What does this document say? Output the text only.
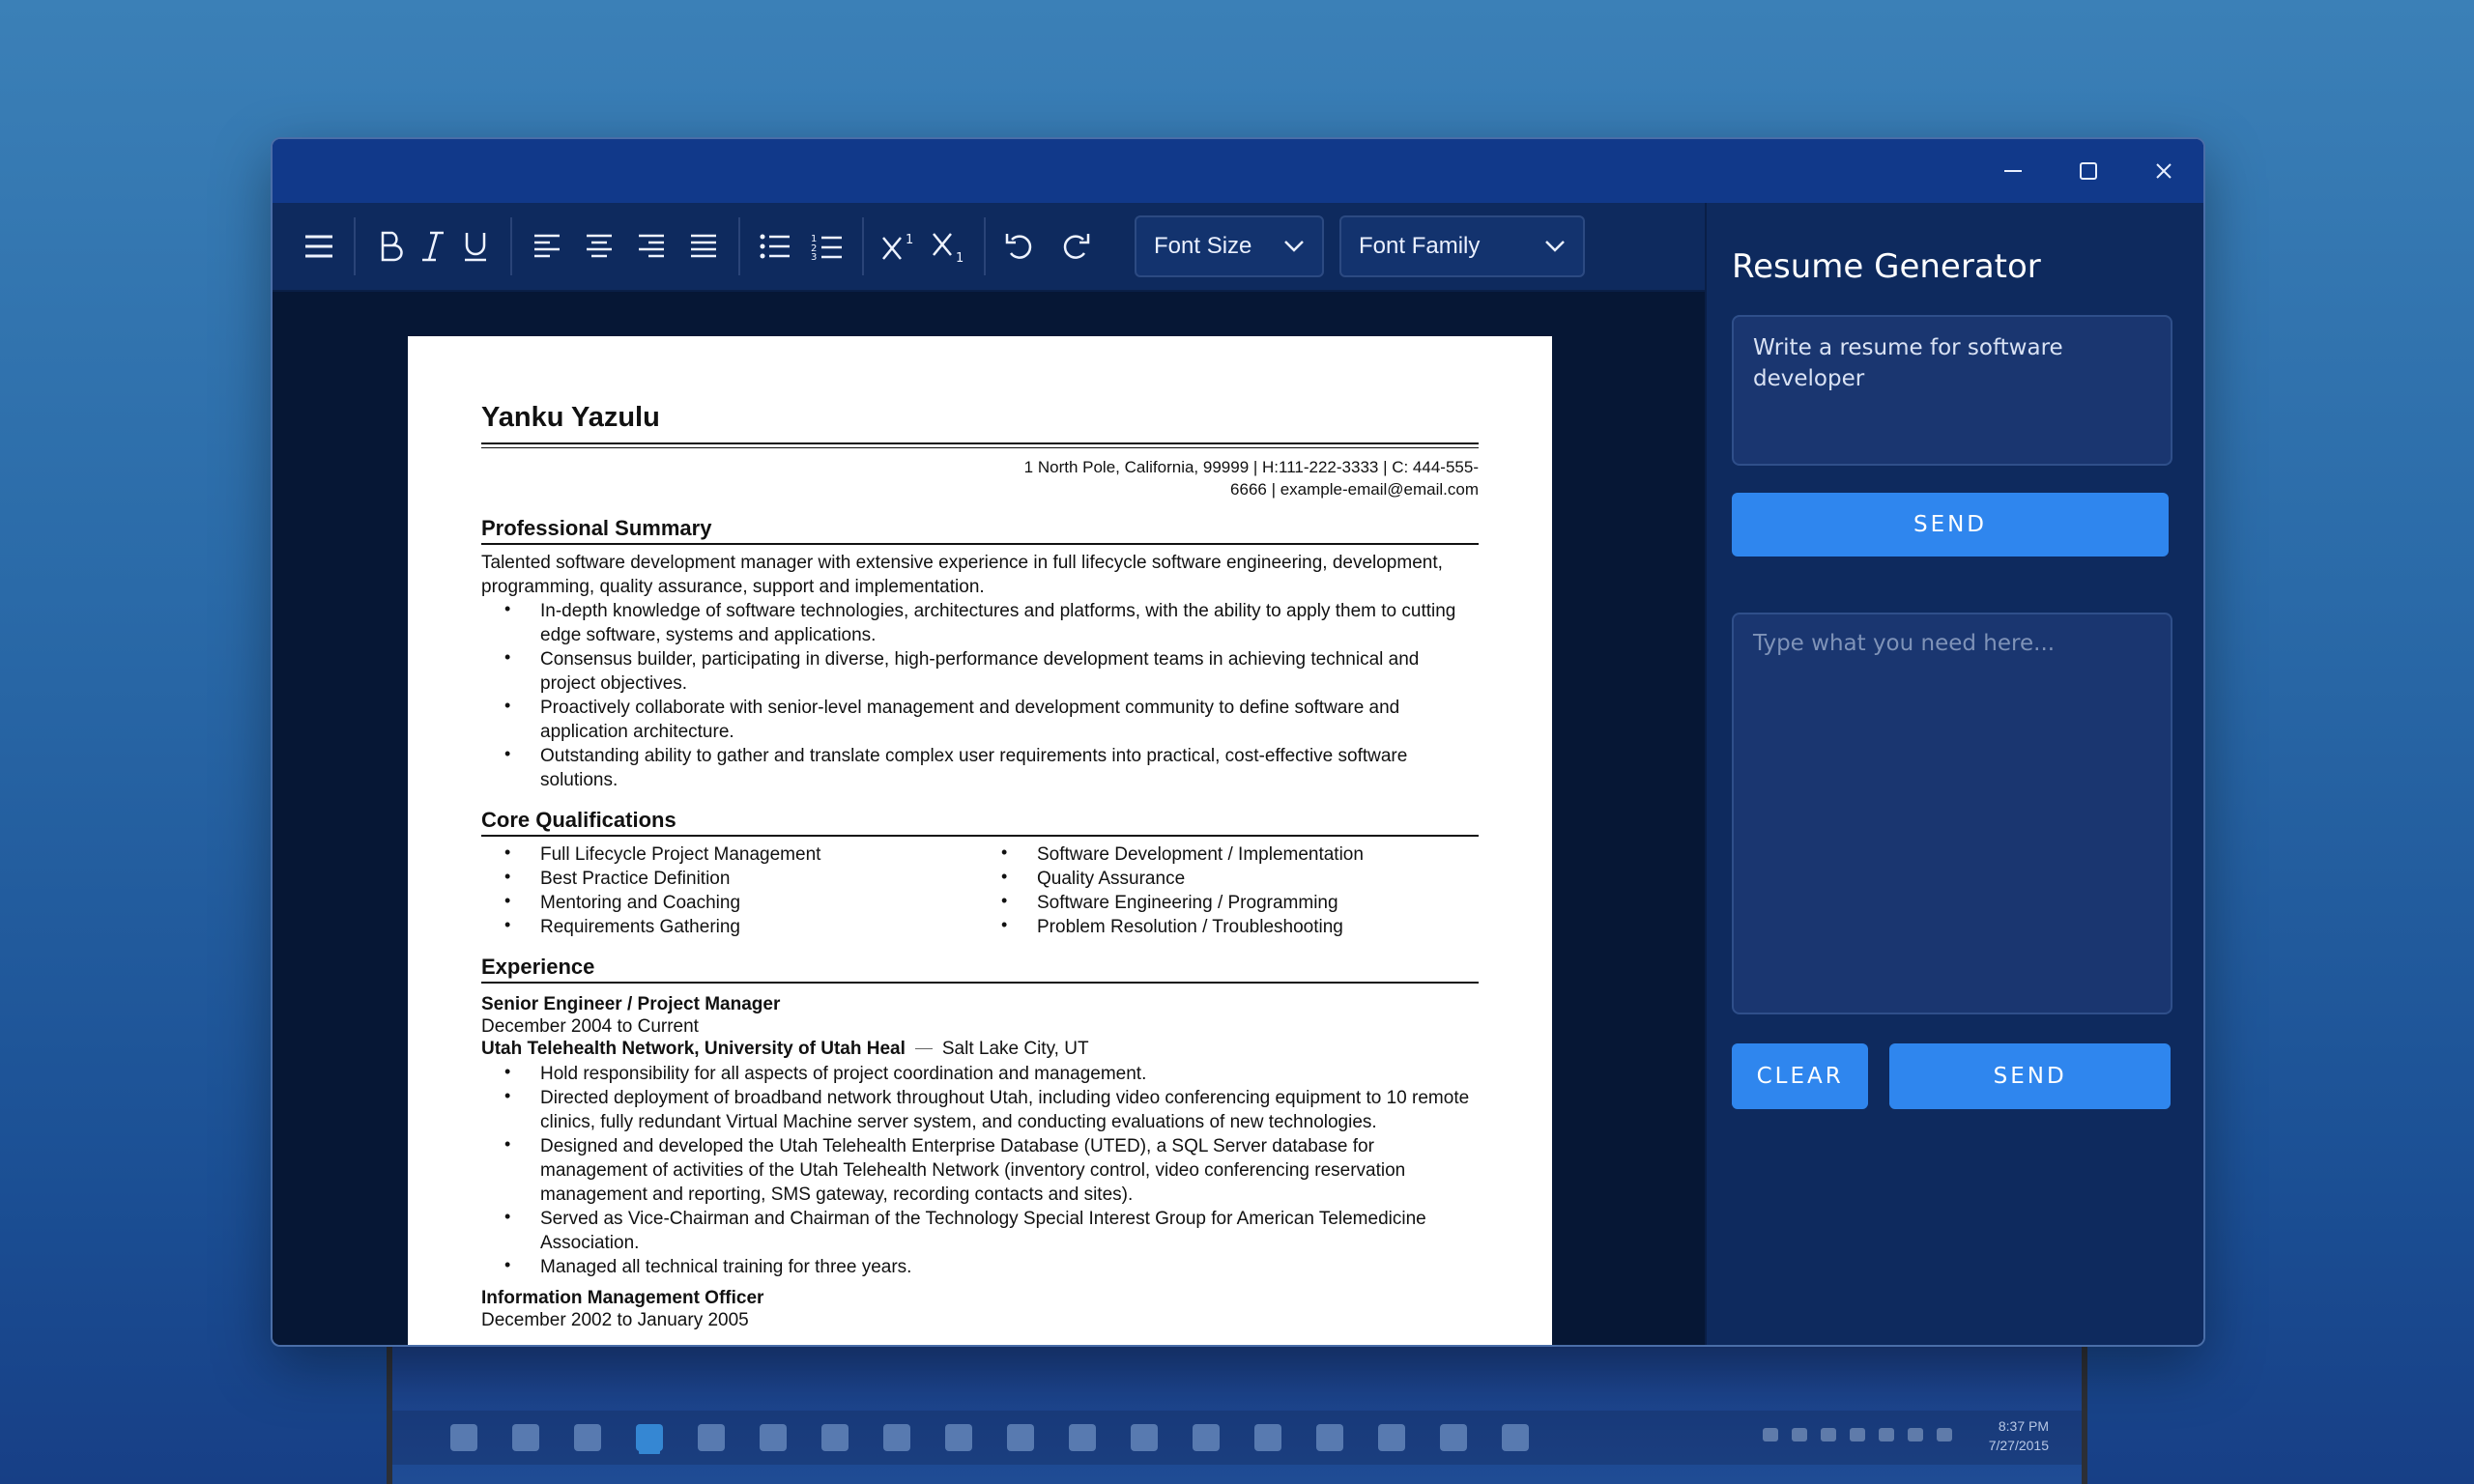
8:37 PM
7/27/2015
1
2
3
1
1	Font Size	Font Family
Yanku Yazulu
1 North Pole, California, 99999 | H:111-222-3333 | C: 444-555-6666 | example-email@email.com
Professional Summary
Talented software development manager with extensive experience in full lifecycle software engineering, development, programming, quality assurance, support and implementation.
• In-depth knowledge of software technologies, architectures and platforms, with the ability to apply them to cutting edge software, systems and applications.
• Consensus builder, participating in diverse, high-performance development teams in achieving technical and project objectives.
• Proactively collaborate with senior-level management and development community to define software and application architecture.
• Outstanding ability to gather and translate complex user requirements into practical, cost-effective software solutions.
Core Qualifications
• Full Lifecycle Project Management
• Best Practice Definition
• Mentoring and Coaching
• Requirements Gathering
• Software Development / Implementation
• Quality Assurance
• Software Engineering / Programming
• Problem Resolution / Troubleshooting
Experience
Senior Engineer / Project Manager
December 2004 to Current
Utah Telehealth Network, University of Utah Heal Salt Lake City, UT
• Hold responsibility for all aspects of project coordination and management.
• Directed deployment of broadband network throughout Utah, including video conferencing equipment to 10 remote clinics, fully redundant Virtual Machine server system, and conducting evaluations of new technologies.
• Designed and developed the Utah Telehealth Enterprise Database (UTED), a SQL Server database for management of activities of the Utah Telehealth Network (inventory control, video conferencing reservation management and reporting, SMS gateway, recording contacts and sites).
• Served as Vice-Chairman and Chairman of the Technology Special Interest Group for American Telemedicine Association.
• Managed all technical training for three years.
Information Management Officer
December 2002 to January 2005
Resume Generator
Write a resume for software developer
SEND
Type what you need here...
CLEAR	SEND
